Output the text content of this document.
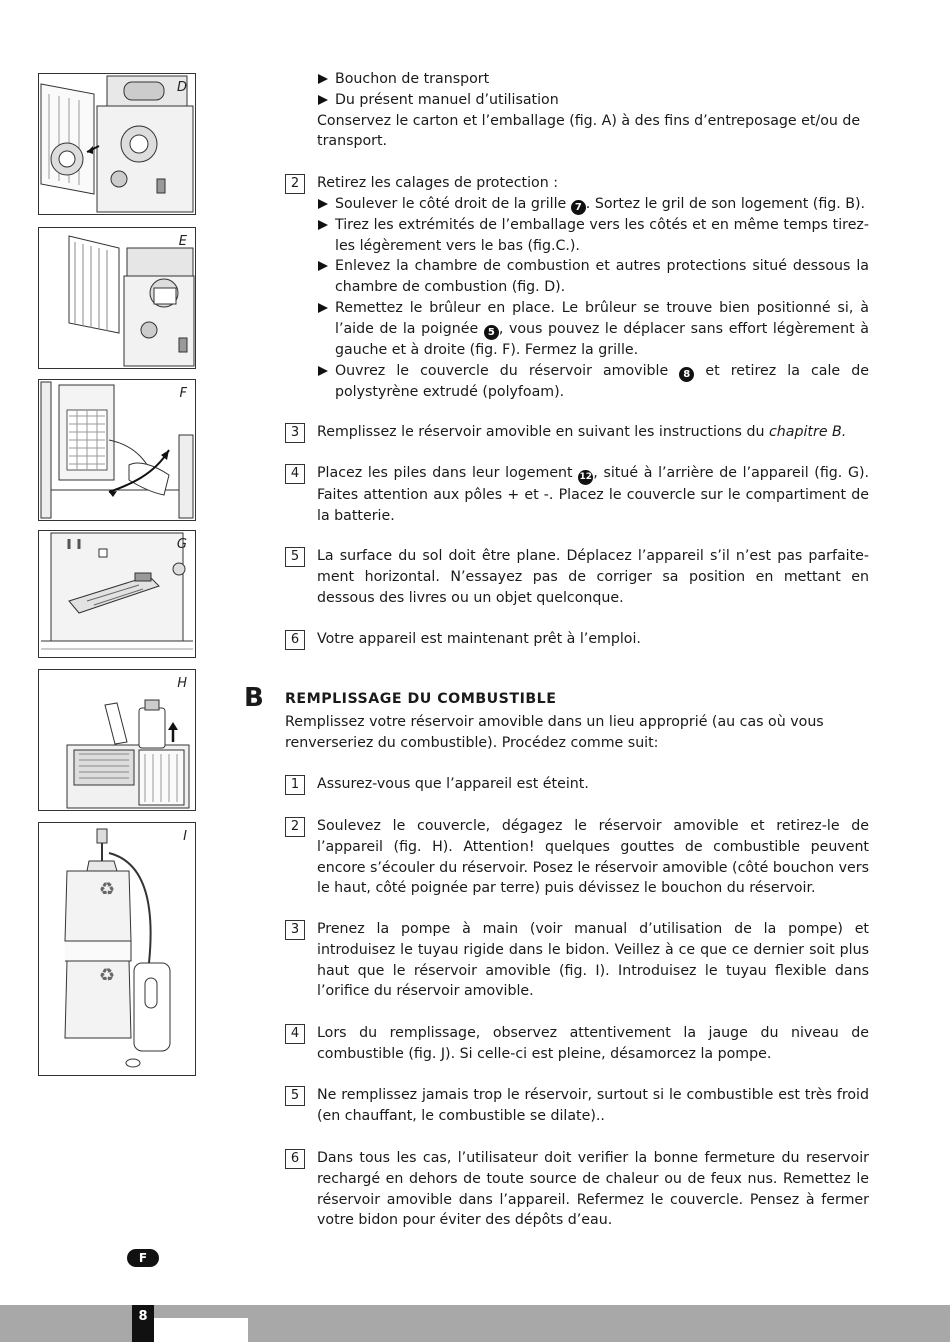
D
E
F
G
H
♻
♻
I
Bouchon de transport
Du présent manuel d’utilisation
Conservez le carton et l’emballage (fig. A) à des fins d’entreposage et/ou de transport.
2	Retirez les calages de protection :
Soulever le côté droit de la grille 7 . Sortez le gril de son logement (fig. B).
Tirez les extrémités de l’emballage vers les côtés et en même temps tirez-les légèrement vers le bas (fig.C.).
Enlevez la chambre de combustion et autres protections situé dessous la chambre de combustion (fig. D).
Remettez le brûleur en place. Le brûleur se trouve bien positionné si, à l’aide de la poignée 5 , vous pouvez le déplacer sans effort légèrement à gauche et à droite (fig. F). Fermez la grille.
Ouvrez le couvercle du réservoir amovible 8 et retirez la cale de polystyrène extrudé (polyfoam).
3	Remplissez le réservoir amovible en suivant les instructions du chapitre B.
4	Placez les piles dans leur logement 12, situé à l’arrière de l’appareil (fig. G). Faites attention aux pôles + et -. Placez le couvercle sur le compartiment de la batterie.
5	La surface du sol doit être plane. Déplacez l’appareil s’il n’est pas parfaite-ment horizontal. N’essayez pas de corriger sa position en mettant en dessous des livres ou un objet quelconque.
6	Votre appareil est maintenant prêt à l’emploi.
B REMPLISSAGE DU COMBUSTIBLE
Remplissez votre réservoir amovible dans un lieu approprié (au cas où vous renverseriez du combustible). Procédez comme suit:
1	Assurez-vous que l’appareil est éteint.
2	Soulevez le couvercle, dégagez le réservoir amovible et retirez-le de l’appareil (fig. H). Attention! quelques gouttes de combustible peuvent encore s’écouler du réservoir. Posez le réservoir amovible (côté bouchon vers le haut, côté poignée par terre) puis dévissez le bouchon du réservoir.
3	Prenez la pompe à main (voir manual d’utilisation de la pompe) et introduisez le tuyau rigide dans le bidon. Veillez à ce que ce dernier soit plus haut que le réservoir amovible (fig. I). Introduisez le tuyau flexible dans l’orifice du réservoir amovible.
4	Lors du remplissage, observez attentivement la jauge du niveau de combustible (fig. J). Si celle-ci est pleine, désamorcez la pompe.
5	Ne remplissez jamais trop le réservoir, surtout si le combustible est très froid (en chauffant, le combustible se dilate)..
6	Dans tous les cas, l’utilisateur doit verifier la bonne fermeture du reservoir rechargé en dehors de toute source de chaleur ou de feux nus. Remettez le réservoir amovible dans l’appareil. Refermez le couvercle. Pensez à fermer votre bidon pour éviter des dépôts d’eau.
F
8
